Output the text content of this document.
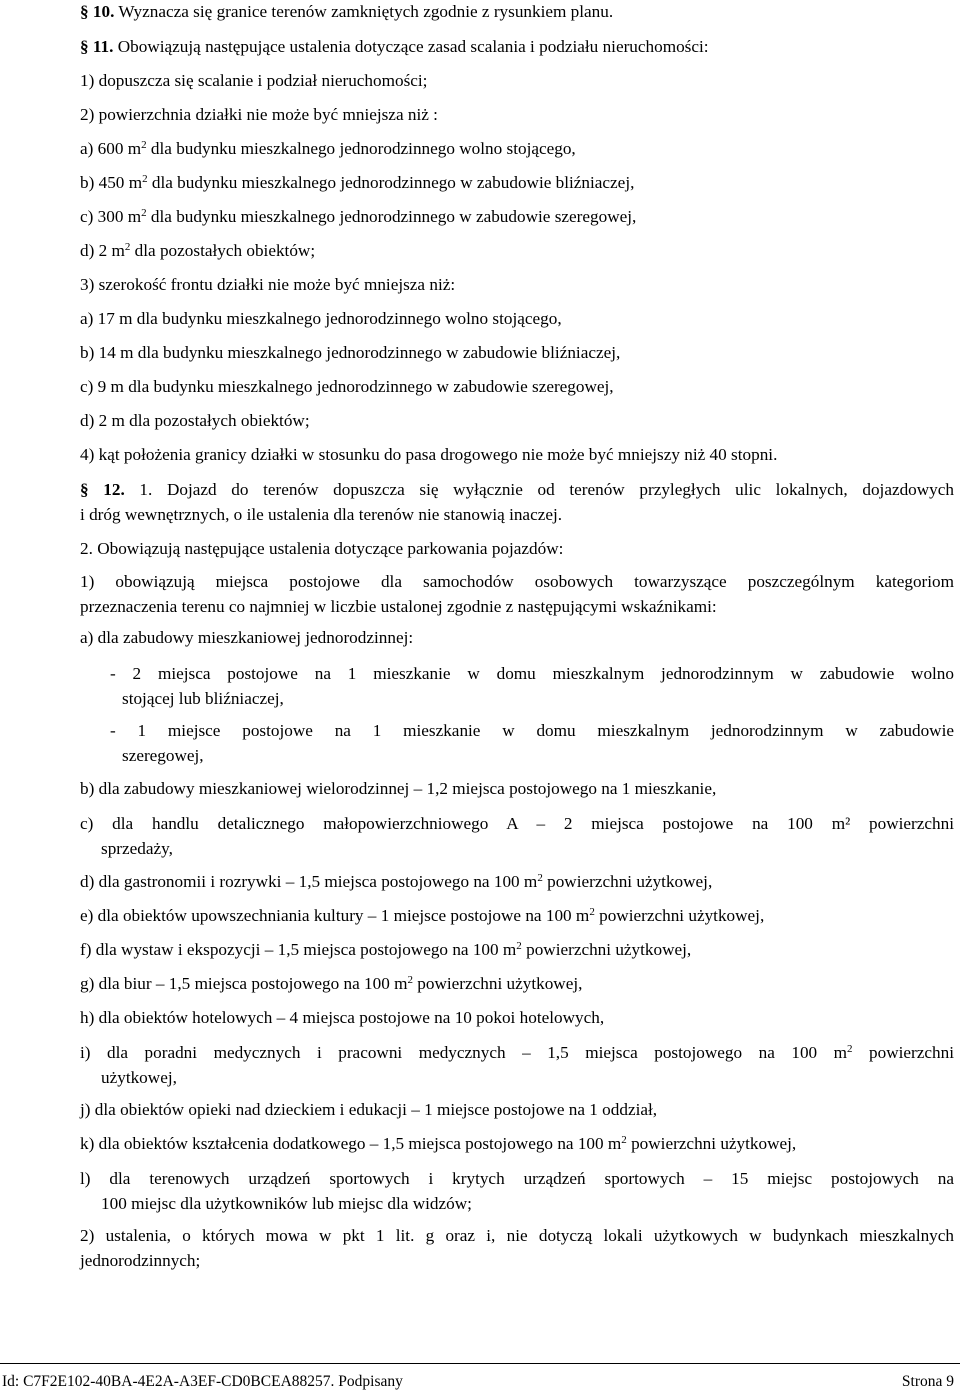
§ 10. Wyznacza się granice terenów zamkniętych zgodnie z rysunkiem planu.
§ 11. Obowiązują następujące ustalenia dotyczące zasad scalania i podziału nieruchomości:
1) dopuszcza się scalanie i podział nieruchomości;
2) powierzchnia działki nie może być mniejsza niż :
a) 600 $m^2$ dla budynku mieszkalnego jednorodzinnego wolno stojącego,
b) 450 $m^2$ dla budynku mieszkalnego jednorodzinnego w zabudowie bliźniaczej,
c) 300 $m^2$ dla budynku mieszkalnego jednorodzinnego w zabudowie szeregowej,
d) 2 $m^2$ dla pozostałych obiektów;
3) szerokość frontu działki nie może być mniejsza niż:
a) 17 m dla budynku mieszkalnego jednorodzinnego wolno stojącego,
b) 14 m dla budynku mieszkalnego jednorodzinnego w zabudowie bliźniaczej,
c) 9 m dla budynku mieszkalnego jednorodzinnego w zabudowie szeregowej,
d) 2 m dla pozostałych obiektów;
4) kąt położenia granicy działki w stosunku do pasa drogowego nie może być mniejszy niż 40 stopni.
§ 12. 1. Dojazd do terenów dopuszcza się wyłącznie od terenów przyległych ulic lokalnych, dojazdowych
i dróg wewnętrznych, o ile ustalenia dla terenów nie stanowią inaczej.
2. Obowiązują następujące ustalenia dotyczące parkowania pojazdów:
1) obowiązują miejsca postojowe dla samochodów osobowych towarzyszące poszczególnym kategoriom
przeznaczenia terenu co najmniej w liczbie ustalonej zgodnie z następującymi wskaźnikami:
a) dla zabudowy mieszkaniowej jednorodzinnej:
- 2 miejsca postojowe na 1 mieszkanie w domu mieszkalnym jednorodzinnym w zabudowie wolno
stojącej lub bliźniaczej,
- 1 miejsce postojowe na 1 mieszkanie w domu mieszkalnym jednorodzinnym w zabudowie
szeregowej,
b) dla zabudowy mieszkaniowej wielorodzinnej – 1,2 miejsca postojowego na 1 mieszkanie,
c) dla handlu detalicznego małopowierzchniowego A – 2 miejsca postojowe na 100 m² powierzchni
sprzedaży,
d) dla gastronomii i rozrywki – 1,5 miejsca postojowego na 100 $m^2$ powierzchni użytkowej,
e) dla obiektów upowszechniania kultury – 1 miejsce postojowe na 100 $m^2$ powierzchni użytkowej,
f) dla wystaw i ekspozycji – 1,5 miejsca postojowego na 100 $m^2$ powierzchni użytkowej,
g) dla biur – 1,5 miejsca postojowego na 100 $m^2$ powierzchni użytkowej,
h) dla obiektów hotelowych – 4 miejsca postojowe na 10 pokoi hotelowych,
i) dla poradni medycznych i pracowni medycznych – 1,5 miejsca postojowego na 100 $m^2$ powierzchni
użytkowej,
j) dla obiektów opieki nad dzieckiem i edukacji – 1 miejsce postojowe na 1 oddział,
k) dla obiektów kształcenia dodatkowego – 1,5 miejsca postojowego na 100 $m^2$ powierzchni użytkowej,
l) dla terenowych urządzeń sportowych i krytych urządzeń sportowych – 15 miejsc postojowych na
100 miejsc dla użytkowników lub miejsc dla widzów;
2) ustalenia, o których mowa w pkt 1 lit. g oraz i, nie dotyczą lokali użytkowych w budynkach mieszkalnych
jednorodzinnych;
Id: C7F2E102-40BA-4E2A-A3EF-CD0BCEA88257. Podpisany	Strona 9
